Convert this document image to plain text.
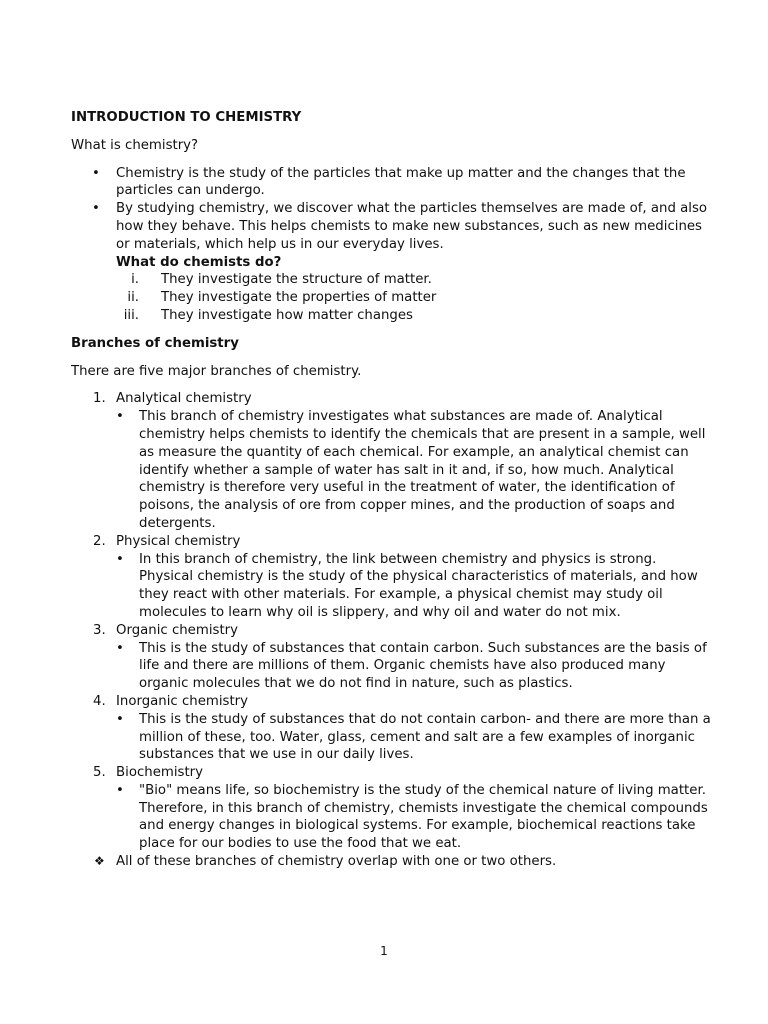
INTRODUCTION TO CHEMISTRY

What is chemistry?

• Chemistry is the study of the particles that make up matter and the changes that the particles can undergo.
• By studying chemistry, we discover what the particles themselves are made of, and also how they behave. This helps chemists to make new substances, such as new medicines or materials, which help us in our everyday lives.
What do chemists do?
i. They investigate the structure of matter.
ii. They investigate the properties of matter
iii. They investigate how matter changes

Branches of chemistry

There are five major branches of chemistry.

1. Analytical chemistry
• This branch of chemistry investigates what substances are made of. Analytical chemistry helps chemists to identify the chemicals that are present in a sample, well as measure the quantity of each chemical. For example, an analytical chemist can identify whether a sample of water has salt in it and, if so, how much. Analytical chemistry is therefore very useful in the treatment of water, the identification of poisons, the analysis of ore from copper mines, and the production of soaps and detergents.
2. Physical chemistry
• In this branch of chemistry, the link between chemistry and physics is strong. Physical chemistry is the study of the physical characteristics of materials, and how they react with other materials. For example, a physical chemist may study oil molecules to learn why oil is slippery, and why oil and water do not mix.
3. Organic chemistry
• This is the study of substances that contain carbon. Such substances are the basis of life and there are millions of them. Organic chemists have also produced many organic molecules that we do not find in nature, such as plastics.
4. Inorganic chemistry
• This is the study of substances that do not contain carbon- and there are more than a million of these, too. Water, glass, cement and salt are a few examples of inorganic substances that we use in our daily lives.
5. Biochemistry
• "Bio" means life, so biochemistry is the study of the chemical nature of living matter. Therefore, in this branch of chemistry, chemists investigate the chemical compounds and energy changes in biological systems. For example, biochemical reactions take place for our bodies to use the food that we eat.
❖ All of these branches of chemistry overlap with one or two others.
1
